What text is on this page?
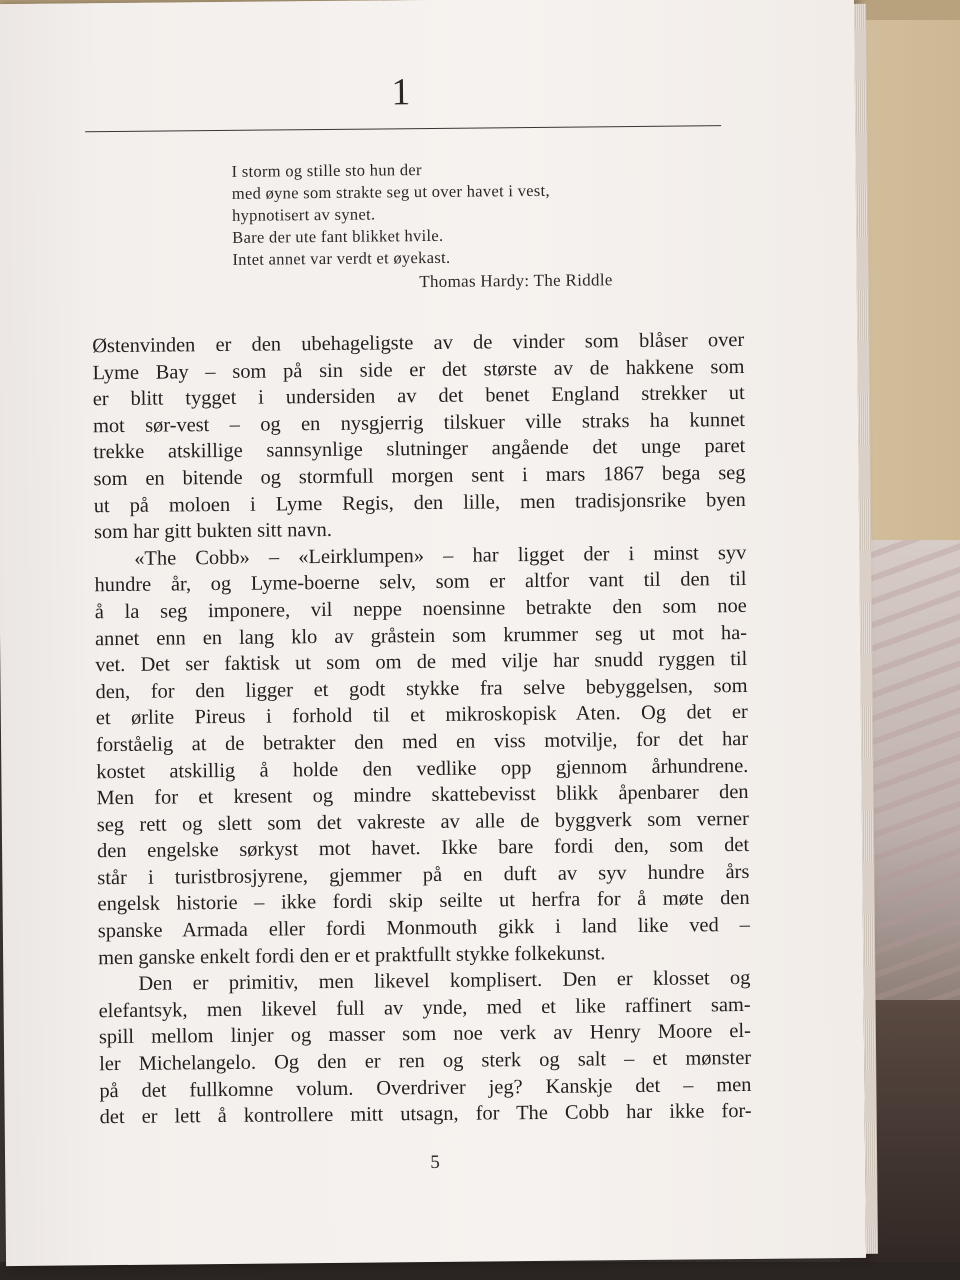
1
I storm og stille sto hun der
med øyne som strakte seg ut over havet i vest,
hypnotisert av synet.
Bare der ute fant blikket hvile.
Intet annet var verdt et øyekast.
Thomas Hardy: The Riddle
Østenvinden er den ubehageligste av de vinder som blåser over
Lyme Bay – som på sin side er det største av de hakkene som
er blitt tygget i undersiden av det benet England strekker ut
mot sør-vest – og en nysgjerrig tilskuer ville straks ha kunnet
trekke atskillige sannsynlige slutninger angående det unge paret
som en bitende og stormfull morgen sent i mars 1867 bega seg
ut på moloen i Lyme Regis, den lille, men tradisjonsrike byen
som har gitt bukten sitt navn.
«The Cobb» – «Leirklumpen» – har ligget der i minst syv
hundre år, og Lyme-boerne selv, som er altfor vant til den til
å la seg imponere, vil neppe noensinne betrakte den som noe
annet enn en lang klo av gråstein som krummer seg ut mot ha-
vet. Det ser faktisk ut som om de med vilje har snudd ryggen til
den, for den ligger et godt stykke fra selve bebyggelsen, som
et ørlite Pireus i forhold til et mikroskopisk Aten. Og det er
forståelig at de betrakter den med en viss motvilje, for det har
kostet atskillig å holde den vedlike opp gjennom århundrene.
Men for et kresent og mindre skattebevisst blikk åpenbarer den
seg rett og slett som det vakreste av alle de byggverk som verner
den engelske sørkyst mot havet. Ikke bare fordi den, som det
står i turistbrosjyrene, gjemmer på en duft av syv hundre års
engelsk historie – ikke fordi skip seilte ut herfra for å møte den
spanske Armada eller fordi Monmouth gikk i land like ved –
men ganske enkelt fordi den er et praktfullt stykke folkekunst.
Den er primitiv, men likevel komplisert. Den er klosset og
elefantsyk, men likevel full av ynde, med et like raffinert sam-
spill mellom linjer og masser som noe verk av Henry Moore el-
ler Michelangelo. Og den er ren og sterk og salt – et mønster
på det fullkomne volum. Overdriver jeg? Kanskje det – men
det er lett å kontrollere mitt utsagn, for The Cobb har ikke for-
5
